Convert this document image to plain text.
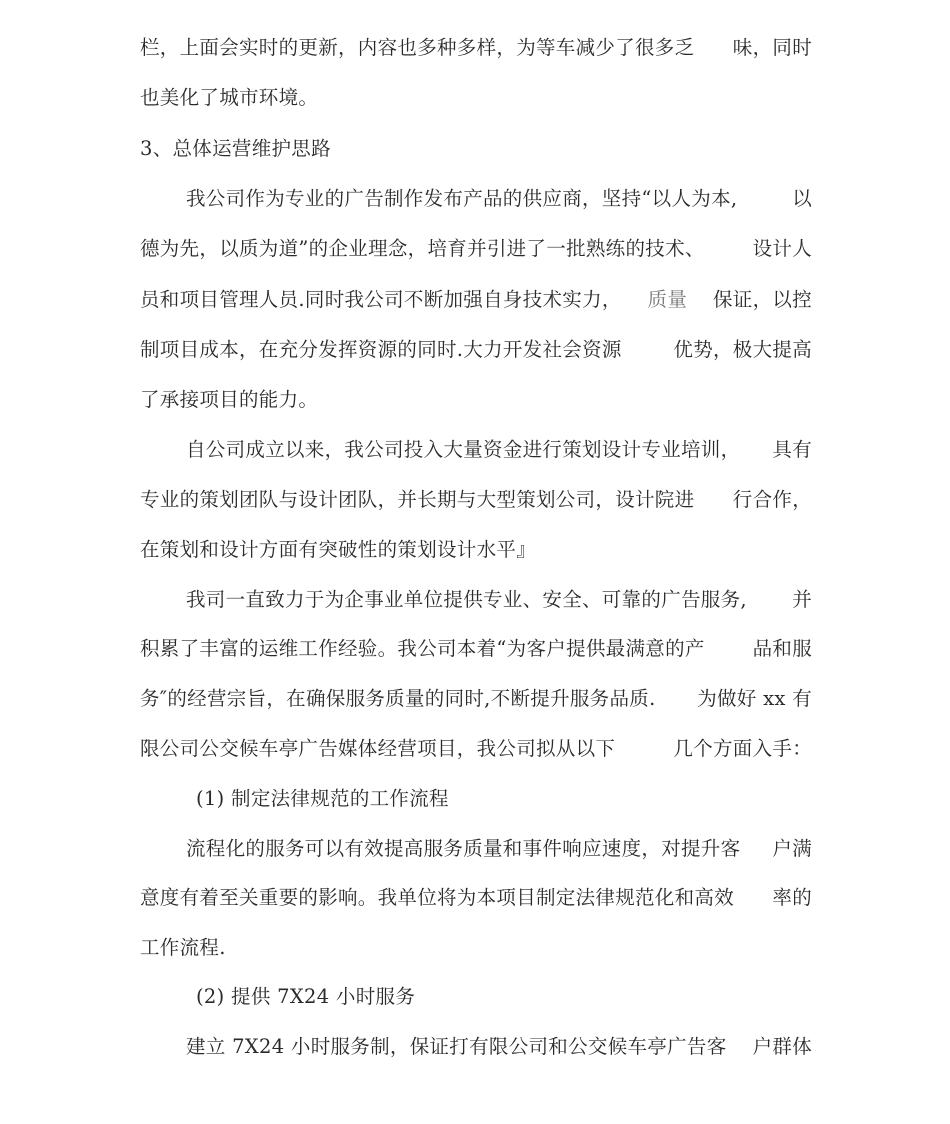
栏，上面会实时的更新，内容也多种多样，为等车减少了很多乏 味，同时
也美化了城市环境。
3、总体运营维护思路
我公司作为专业的广告制作发布产品的供应商，坚持“以人为本,	以
德为先，以质为道”的企业理念，培育并引进了一批熟练的技术、 设计人
员和项目管理人员.同时我公司不断加强自身技术实力， 质量 保证，以控
制项目成本，在充分发挥资源的同时.大力开发社会资源	优势，极大提高
了承接项目的能力。
自公司成立以来，我公司投入大量资金进行策划设计专业培训， 具有
专业的策划团队与设计团队，并长期与大型策划公司，设计院进 行合作，
在策划和设计方面有突破性的策划设计水平』
我司一直致力于为企事业单位提供专业、安全、可靠的广告服务, 并
积累了丰富的运维工作经验。我公司本着“为客户提供最满意的产 品和服
务″的经营宗旨，在确保服务质量的同时,不断提升服务品质. 为做好 xx 有
限公司公交候车亭广告媒体经营项目，我公司拟从以下	几个方面入手：
(1) 制定法律规范的工作流程
流程化的服务可以有效提高服务质量和事件响应速度，对提升客 户满
意度有着至关重要的影响。我单位将为本项目制定法律规范化和高效 率的
工作流程.
(2) 提供 7X24 小时服务
建立 7X24 小时服务制，保证打有限公司和公交候车亭广告客 户群体
